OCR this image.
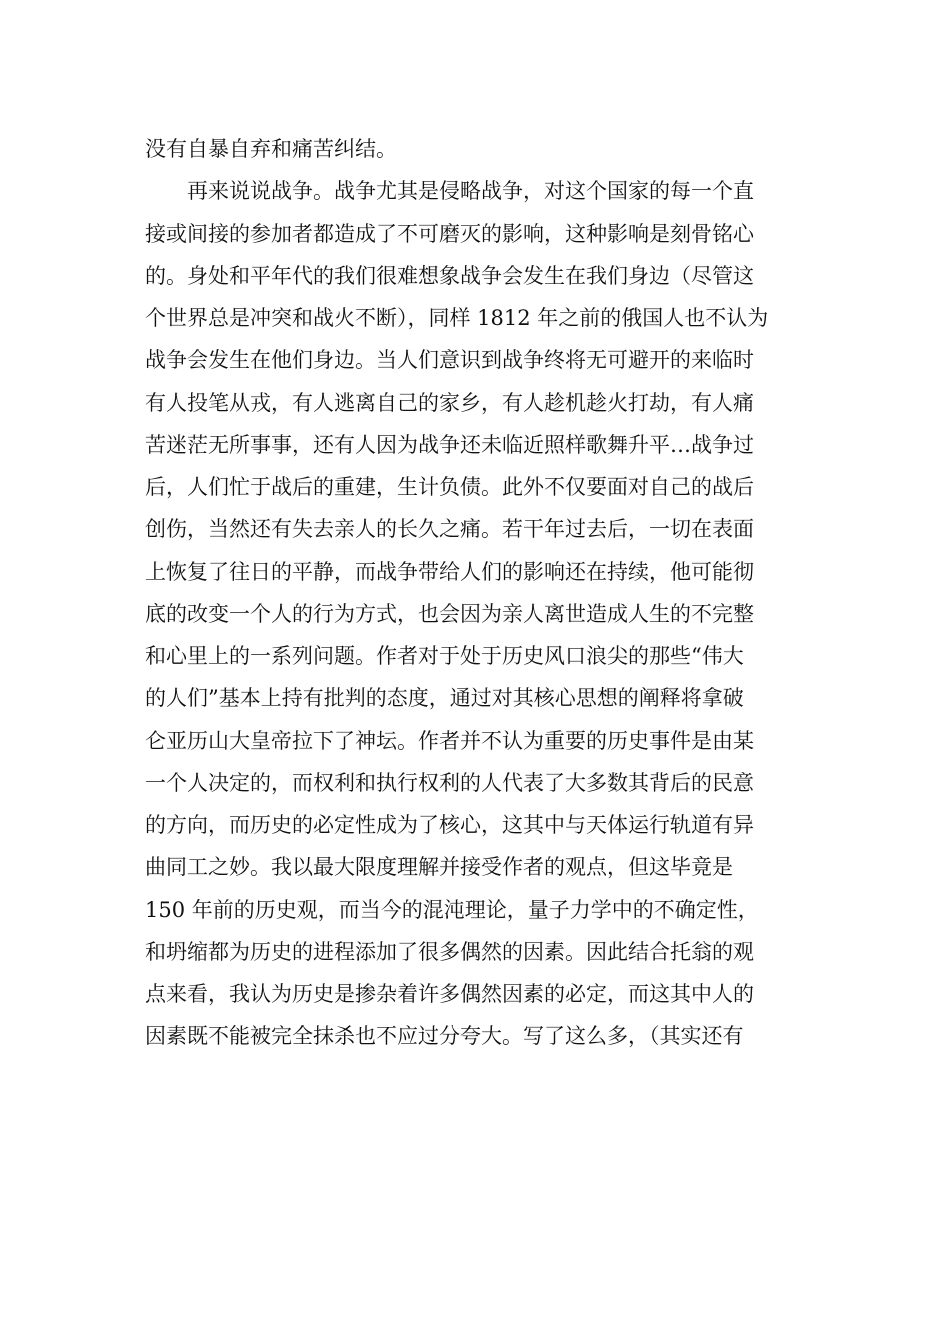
没有自暴自弃和痛苦纠结。
再来说说战争。战争尤其是侵略战争，对这个国家的每一个直
接或间接的参加者都造成了不可磨灭的影响，这种影响是刻骨铭心
的。身处和平年代的我们很难想象战争会发生在我们身边（尽管这
个世界总是冲突和战火不断），同样 1812 年之前的俄国人也不认为
战争会发生在他们身边。当人们意识到战争终将无可避开的来临时
有人投笔从戎，有人逃离自己的家乡，有人趁机趁火打劫，有人痛
苦迷茫无所事事，还有人因为战争还未临近照样歌舞升平…战争过
后，人们忙于战后的重建，生计负债。此外不仅要面对自己的战后
创伤，当然还有失去亲人的长久之痛。若干年过去后，一切在表面
上恢复了往日的平静，而战争带给人们的影响还在持续，他可能彻
底的改变一个人的行为方式，也会因为亲人离世造成人生的不完整
和心里上的一系列问题。作者对于处于历史风口浪尖的那些“伟大
的人们”基本上持有批判的态度，通过对其核心思想的阐释将拿破
仑亚历山大皇帝拉下了神坛。作者并不认为重要的历史事件是由某
一个人决定的，而权利和执行权利的人代表了大多数其背后的民意
的方向，而历史的必定性成为了核心，这其中与天体运行轨道有异
曲同工之妙。我以最大限度理解并接受作者的观点，但这毕竟是
150 年前的历史观，而当今的混沌理论，量子力学中的不确定性，
和坍缩都为历史的进程添加了很多偶然的因素。因此结合托翁的观
点来看，我认为历史是掺杂着许多偶然因素的必定，而这其中人的
因素既不能被完全抹杀也不应过分夸大。写了这么多，（其实还有
